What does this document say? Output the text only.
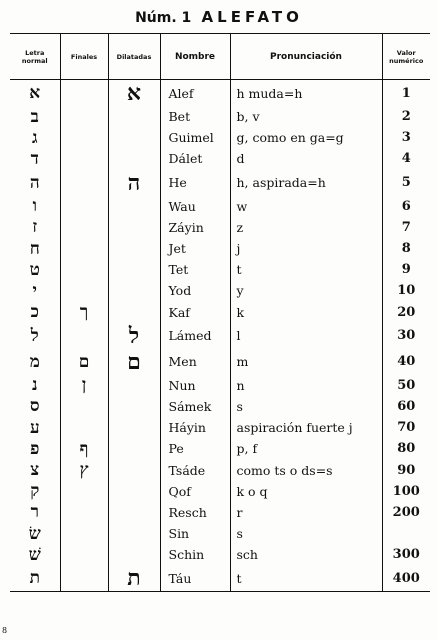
Núm. 1 ALEFATO
Letra normal	Finales	Dilatadas	Nombre	Pronunciación	Valor numérico
א		א	Alef	h muda=h	1
ב			Bet	b, v	2
ג			Guimel	g, como en ga=g	3
ד			Dálet	d	4
ה		ה	He	h, aspirada=h	5
ו			Wau	w	6
ז			Záyin	z	7
ח			Jet	j	8
ט			Tet	t	9
י			Yod	y	10
כ	ך		Kaf	k	20
ל		ל	Lámed	l	30
מ	ם	ם	Men	m	40
נ	ן		Nun	n	50
ס			Sámek	s	60
ע			Háyin	aspiración fuerte j	70
פ	ף		Pe	p, f	80
צ	ץ		Tsáde	como ts o ds=s	90
ק			Qof	k o q	100
ר			Resch	r	200
שׂ			Sin	s	
שׁ			Schin	sch	300
ת		ת	Táu	t	400
8
